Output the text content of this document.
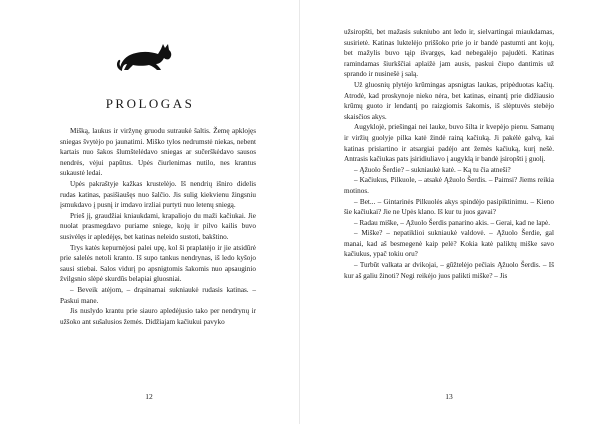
PROLOGAS

Mišką, laukus ir viržynę gruodu sutraukė šaltis. Žemę apklojęs sniegas švytėjo po jaunatimi. Miško tylos nedrumstė niekas, nebent kartais nuo šakos šlumštelėdavo sniegas ar sučerškėdavo sausos nendrės, vėjui papūtus. Upės čiurlenimas nutilo, nes krantus sukaustė ledai.

Upės pakraštyje kažkas krustelėjo. Iš nendrių išniro didelis rudas katinas, pasišiaušęs nuo šalčio. Jis sulig kiekvienu žingsniu įsmukdavo į pusnį ir imdavo irzliai purtyti nuo letenų sniegą.

Prieš jį, graudžiai kniaukdami, krapaliojo du maži kačiukai. Jie nuolat prasmegdavo puriame sniege, kojų ir pilvo kailis buvo susivėlęs ir apledėjęs, bet katinas neleido sustoti, bakštino.

Trys katės kepurnėjosi palei upę, kol ši praplatėjo ir jie atsidūrė prie salelės netoli kranto. Iš supo tankus nendrynas, iš ledo kyšojo sausi stiebai. Salos vidurį po apsnigtomis šakomis nuo apsauginio žvilgsnio slėpė skurdūs belapiai gluosniai.

– Beveik atėjom, – drąsinamai sukniaukė rudasis katinas. – Paskui mane.

Jis nuslydo krantu prie siauro apledėjusio tako per nendrynų ir užšoko ant sušalusios žemės. Didžiajam kačiukui pavyko

12

užsiropšti, bet mažasis sukniubo ant ledo ir, sielvartingai miaukdamas, susirietė. Katinas luktelėjo priššoko prie jo ir bandė pastumti ant kojų, bet mažylis buvo tąip išvargęs, kad nebegalėjo pajudėti. Katinas ramindamas šiurkščiai aplaižė jam ausis, paskui čiupo dantimis už sprando ir nusinešė į salą.

Už gluosnių plytėjo krūmingas apsnigtas laukas, pripėduotas kačių. Atrodė, kad proskynoje nieko nėra, bet katinas, einantį prie didžiausio krūmų guoto ir lendantį po raizgiomis šakomis, iš slėptuvės stebėjo skaisčios akys.

Augyklojė, priešingai nei lauke, buvo šilta ir kvepėjo pienu. Samanų ir viržių guolyje pilka katė žindė rainą kačiuką. Ji pakėlė galvą, kai katinas prisiartino ir atsargiai padėjo ant žemės kačiuką, kurį nešė. Antrasis kačiukas pats įsiridiuliavo į augyklą ir bandė įsiropšti į guolį.

– Ąžuolo Šerdie? – sukniaukė katė. – Ką tu čia atneši?

– Kačiukus, Pilkuole, – atsakė Ąžuolo Šerdis. – Paimsi? Jiems reikia motinos.

– Bet... – Gintarinės Pilkuolės akys spindėjo pasipiktinimu. – Kieno šie kačiukai? Jie ne Upės klano. Iš kur tu juos gavai?

– Radau miške, – Ąžuolo Šerdis panarino akis. – Gerai, kad ne lapė.

– Miške? – nepatiklioi sukniaukė valdovė. – Ąžuolo Šerdie, gal manai, kad aš besmegenė kaip pelė? Kokia katė paliktų miške savo kačiukus, ypač tokiu oru?

– Turbūt valkata ar dvikojai, – gūžtelėjo pečiais Ąžuolo Šerdis. – Iš kur aš galiu žinoti? Negi reikėjo juos palikti miške? – Jis

13
